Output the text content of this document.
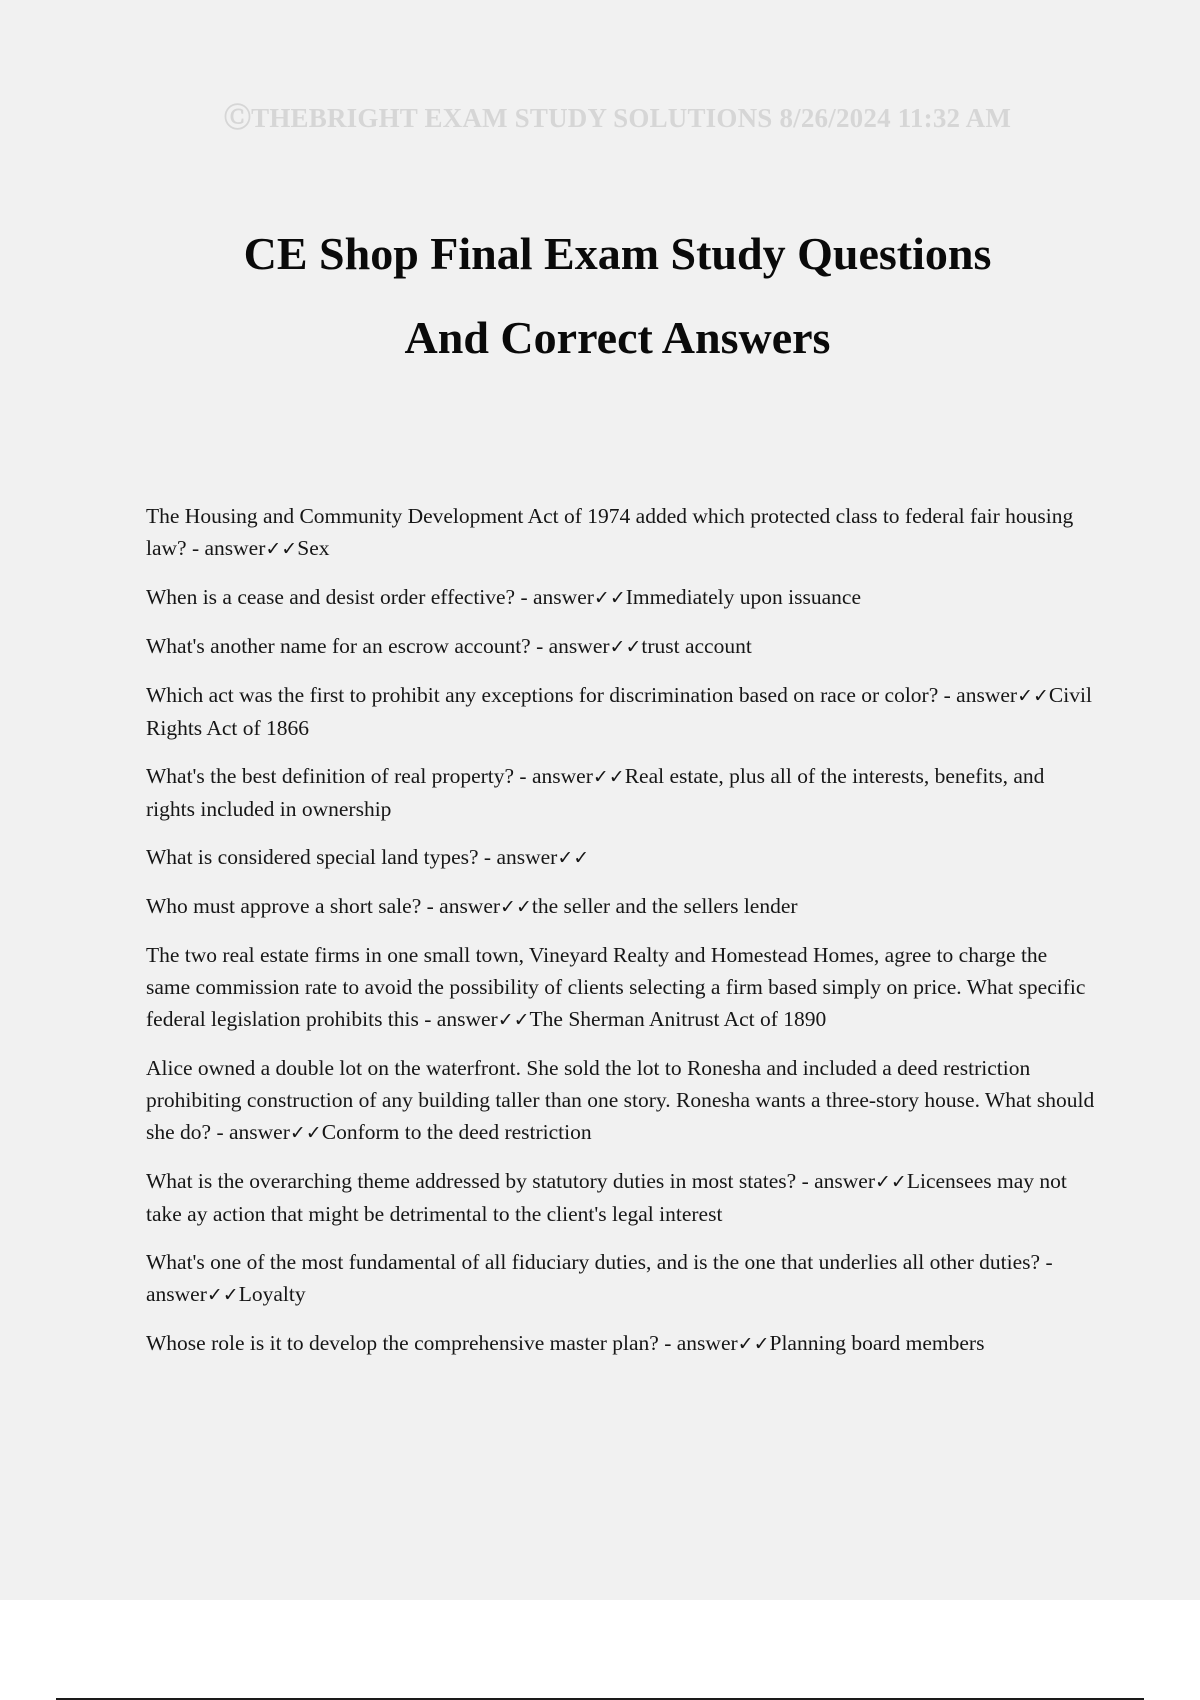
ⒸTHEBRIGHT EXAM STUDY SOLUTIONS 8/26/2024 11:32 AM
CE Shop Final Exam Study Questions
And Correct Answers

The Housing and Community Development Act of 1974 added which protected class to federal fair housing law? - answer✓✓Sex

When is a cease and desist order effective? - answer✓✓Immediately upon issuance

What's another name for an escrow account? - answer✓✓trust account

Which act was the first to prohibit any exceptions for discrimination based on race or color? - answer✓✓Civil Rights Act of 1866

What's the best definition of real property? - answer✓✓Real estate, plus all of the interests, benefits, and rights included in ownership

What is considered special land types? - answer✓✓

Who must approve a short sale? - answer✓✓the seller and the sellers lender

The two real estate firms in one small town, Vineyard Realty and Homestead Homes, agree to charge the same commission rate to avoid the possibility of clients selecting a firm based simply on price. What specific federal legislation prohibits this - answer✓✓The Sherman Anitrust Act of 1890

Alice owned a double lot on the waterfront. She sold the lot to Ronesha and included a deed restriction prohibiting construction of any building taller than one story. Ronesha wants a three-story house. What should she do? - answer✓✓Conform to the deed restriction

What is the overarching theme addressed by statutory duties in most states? - answer✓✓Licensees may not take ay action that might be detrimental to the client's legal interest

What's one of the most fundamental of all fiduciary duties, and is the one that underlies all other duties? - answer✓✓Loyalty

Whose role is it to develop the comprehensive master plan? - answer✓✓Planning board members
